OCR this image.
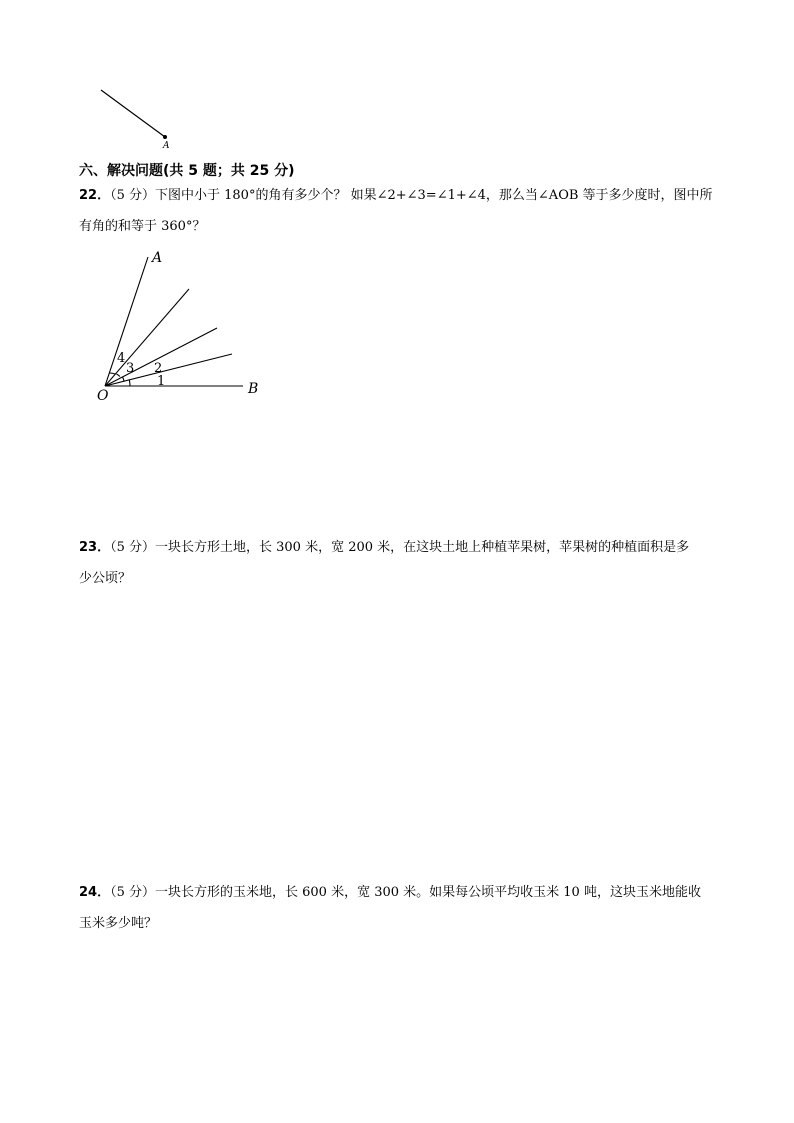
A
六、解决问题(共 5 题；共 25 分)
22．（5 分）下图中小于 180°的角有多少个？ 如果∠2+∠3=∠1+∠4，那么当∠AOB 等于多少度时，图中所
有角的和等于 360°？
A
B
O
1
2
3
4
23．（5 分）一块长方形土地，长 300 米，宽 200 米，在这块土地上种植苹果树，苹果树的种植面积是多
少公顷？
24．（5 分）一块长方形的玉米地，长 600 米，宽 300 米。如果每公顷平均收玉米 10 吨，这块玉米地能收
玉米多少吨？
